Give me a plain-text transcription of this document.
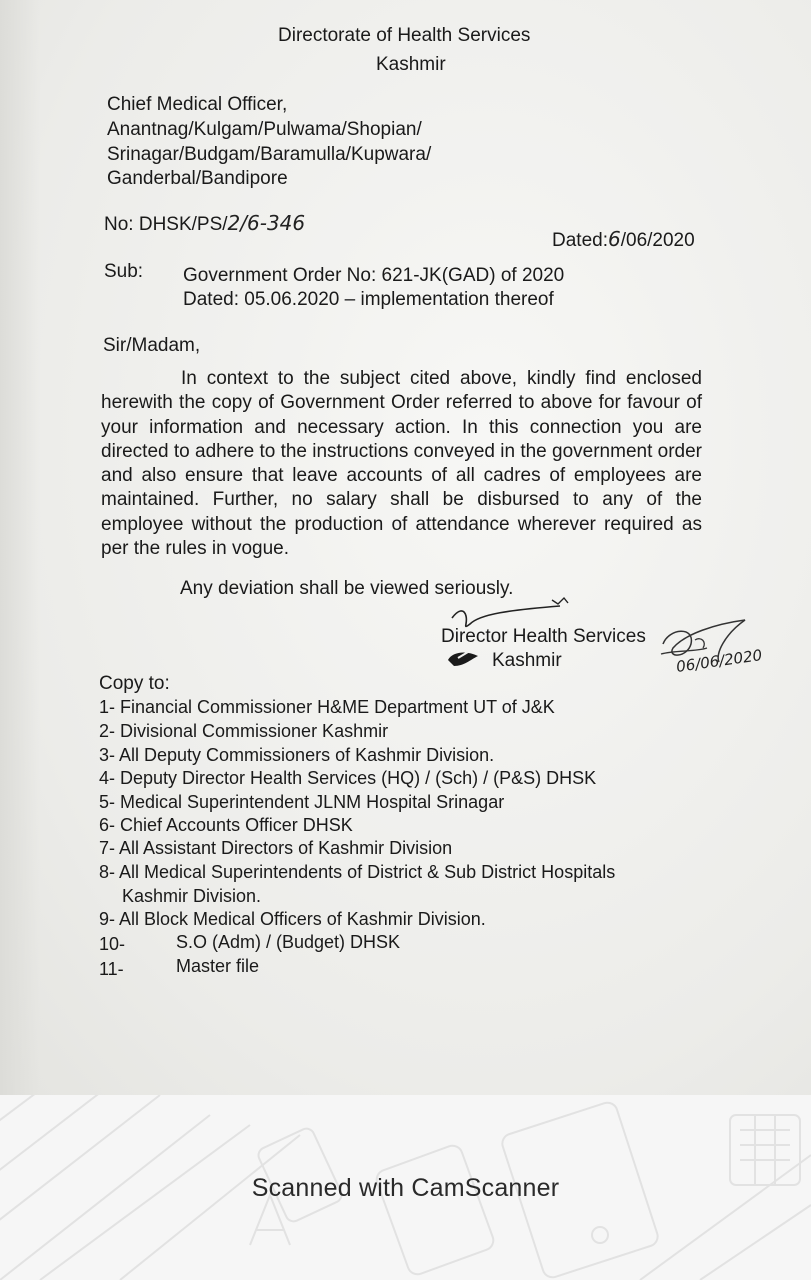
Directorate of Health Services
Kashmir
Chief Medical Officer,
Anantnag/Kulgam/Pulwama/Shopian/
Srinagar/Budgam/Baramulla/Kupwara/
Ganderbal/Bandipore
No: DHSK/PS/2/6-346
Dated:6/06/2020
Sub: Government Order No: 621-JK(GAD) of 2020
Dated: 05.06.2020 – implementation thereof
Sir/Madam,
In context to the subject cited above, kindly find enclosed herewith the copy of Government Order referred to above for favour of your information and necessary action. In this connection you are directed to adhere to the instructions conveyed in the government order and also ensure that leave accounts of all cadres of employees are maintained. Further, no salary shall be disbursed to any of the employee without the production of attendance wherever required as per the rules in vogue.
Any deviation shall be viewed seriously.
06/06/2020
Director Health Services
Kashmir
Copy to:
1- Financial Commissioner H&ME Department UT of J&K
2- Divisional Commissioner Kashmir
3- All Deputy Commissioners of Kashmir Division.
4- Deputy Director Health Services (HQ) / (Sch) / (P&S) DHSK
5- Medical Superintendent JLNM Hospital Srinagar
6- Chief Accounts Officer DHSK
7- All Assistant Directors of Kashmir Division
8- All Medical Superintendents of District & Sub District Hospitals
Kashmir Division.
9- All Block Medical Officers of Kashmir Division.
10-	S.O (Adm) / (Budget) DHSK
11-	Master file
Scanned with CamScanner
